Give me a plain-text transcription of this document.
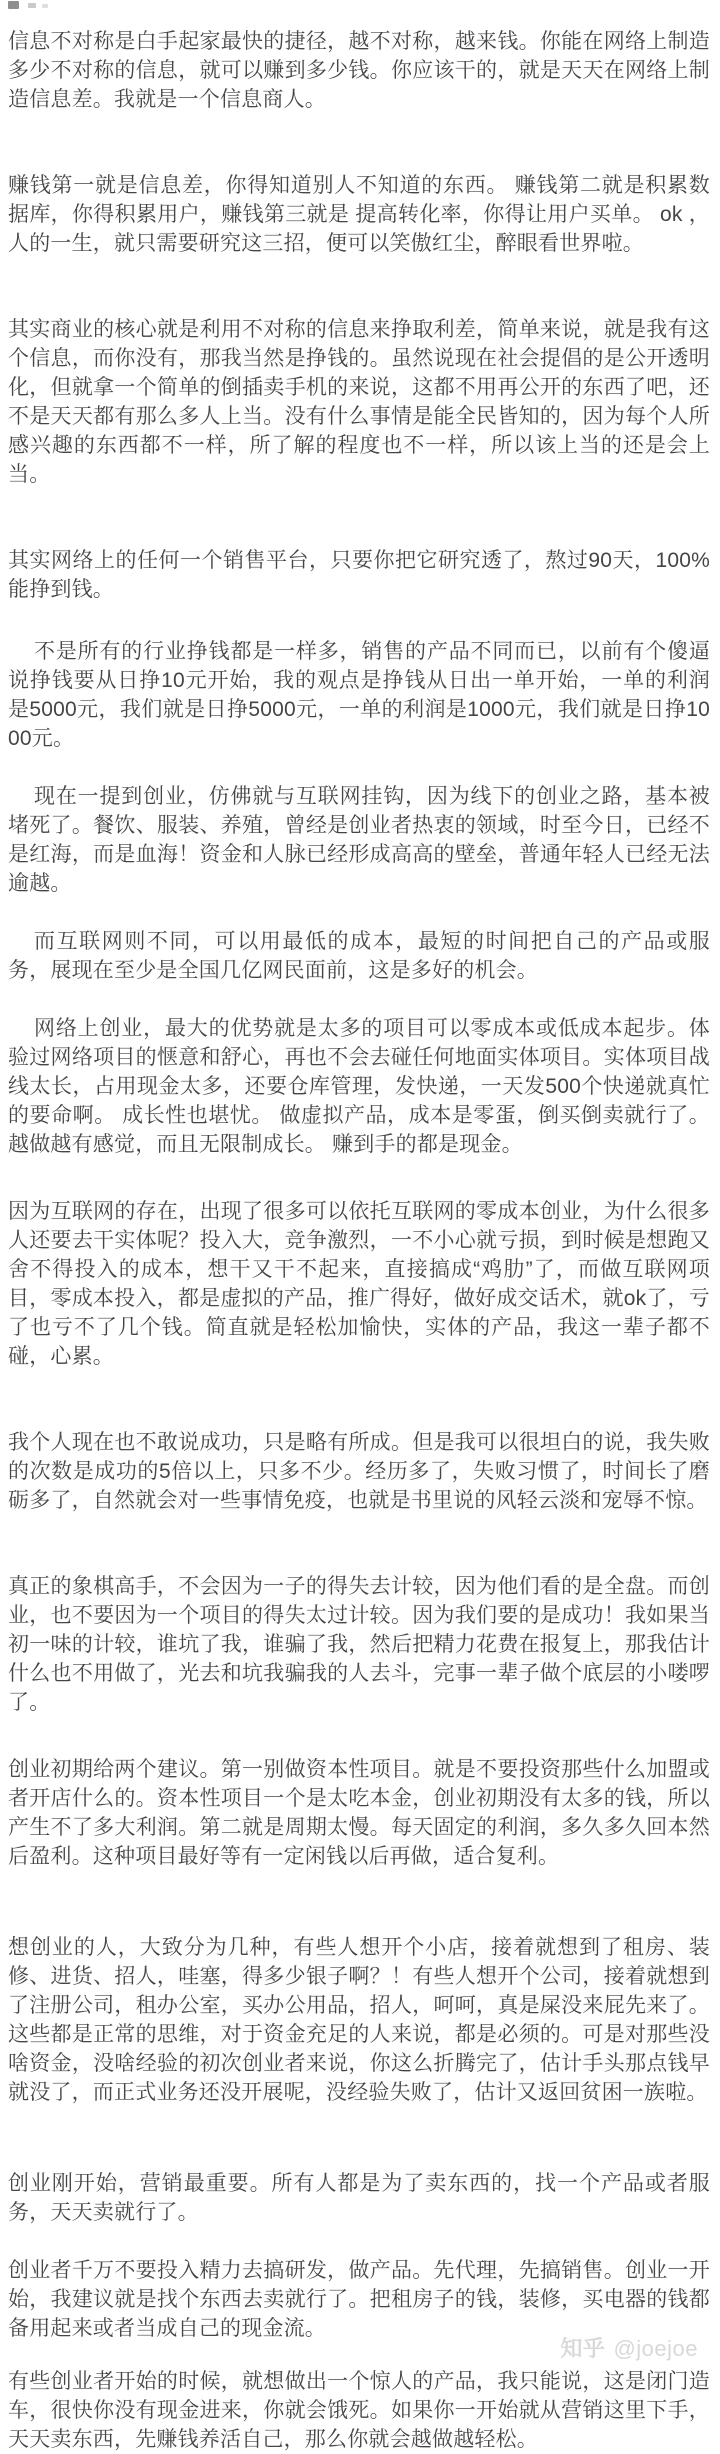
信息不对称是白手起家最快的捷径，越不对称，越来钱。你能在网络上制造多少不对称的信息，就可以赚到多少钱。你应该干的，就是天天在网络上制造信息差。我就是一个信息商人。

赚钱第一就是信息差，你得知道别人不知道的东西。 赚钱第二就是积累数据库，你得积累用户，赚钱第三就是 提高转化率，你得让用户买单。 ok ， 人的一生，就只需要研究这三招，便可以笑傲红尘，醉眼看世界啦。

其实商业的核心就是利用不对称的信息来挣取利差，简单来说，就是我有这个信息，而你没有，那我当然是挣钱的。虽然说现在社会提倡的是公开透明化，但就拿一个简单的倒插卖手机的来说，这都不用再公开的东西了吧，还不是天天都有那么多人上当。没有什么事情是能全民皆知的，因为每个人所感兴趣的东西都不一样，所了解的程度也不一样，所以该上当的还是会上当。

其实网络上的任何一个销售平台，只要你把它研究透了，熬过90天，100%能挣到钱。

不是所有的行业挣钱都是一样多，销售的产品不同而已，以前有个傻逼说挣钱要从日挣10元开始，我的观点是挣钱从日出一单开始，一单的利润是5000元，我们就是日挣5000元，一单的利润是1000元，我们就是日挣1000元。

现在一提到创业，仿佛就与互联网挂钩，因为线下的创业之路，基本被堵死了。餐饮、服装、养殖，曾经是创业者热衷的领域，时至今日，已经不是红海，而是血海！资金和人脉已经形成高高的壁垒，普通年轻人已经无法逾越。

而互联网则不同，可以用最低的成本，最短的时间把自己的产品或服务，展现在至少是全国几亿网民面前，这是多好的机会。

网络上创业，最大的优势就是太多的项目可以零成本或低成本起步。体验过网络项目的惬意和舒心，再也不会去碰任何地面实体项目。实体项目战线太长，占用现金太多，还要仓库管理，发快递，一天发500个快递就真忙的要命啊。 成长性也堪忧。 做虚拟产品，成本是零蛋，倒买倒卖就行了。越做越有感觉，而且无限制成长。 赚到手的都是现金。

因为互联网的存在，出现了很多可以依托互联网的零成本创业，为什么很多人还要去干实体呢？投入大，竞争激烈，一不小心就亏损，到时候是想跑又舍不得投入的成本，想干又干不起来，直接搞成“鸡肋”了，而做互联网项目，零成本投入，都是虚拟的产品，推广得好，做好成交话术，就ok了，亏了也亏不了几个钱。简直就是轻松加愉快，实体的产品，我这一辈子都不碰，心累。

我个人现在也不敢说成功，只是略有所成。但是我可以很坦白的说，我失败的次数是成功的5倍以上，只多不少。经历多了，失败习惯了，时间长了磨砺多了，自然就会对一些事情免疫，也就是书里说的风轻云淡和宠辱不惊。

真正的象棋高手，不会因为一子的得失去计较，因为他们看的是全盘。而创业，也不要因为一个项目的得失太过计较。因为我们要的是成功！我如果当初一味的计较，谁坑了我，谁骗了我，然后把精力花费在报复上，那我估计什么也不用做了，光去和坑我骗我的人去斗，完事一辈子做个底层的小喽啰了。

创业初期给两个建议。第一别做资本性项目。就是不要投资那些什么加盟或者开店什么的。资本性项目一个是太吃本金，创业初期没有太多的钱，所以产生不了多大利润。第二就是周期太慢。每天固定的利润，多久多久回本然后盈利。这种项目最好等有一定闲钱以后再做，适合复利。

想创业的人，大致分为几种，有些人想开个小店，接着就想到了租房、装修、进货、招人，哇塞，得多少银子啊？！有些人想开个公司，接着就想到了注册公司，租办公室，买办公用品，招人，呵呵，真是屎没来屁先来了。这些都是正常的思维，对于资金充足的人来说，都是必须的。可是对那些没啥资金，没啥经验的初次创业者来说，你这么折腾完了，估计手头那点钱早就没了，而正式业务还没开展呢，没经验失败了，估计又返回贫困一族啦。

创业刚开始，营销最重要。所有人都是为了卖东西的，找一个产品或者服务，天天卖就行了。

创业者千万不要投入精力去搞研发，做产品。先代理，先搞销售。创业一开始，我建议就是找个东西去卖就行了。把租房子的钱，装修，买电器的钱都备用起来或者当成自己的现金流。

有些创业者开始的时候，就想做出一个惊人的产品，我只能说，这是闭门造车，很快你没有现金进来，你就会饿死。如果你一开始就从营销这里下手，天天卖东西，先赚钱养活自己，那么你就会越做越轻松。

知乎 @joejoe
